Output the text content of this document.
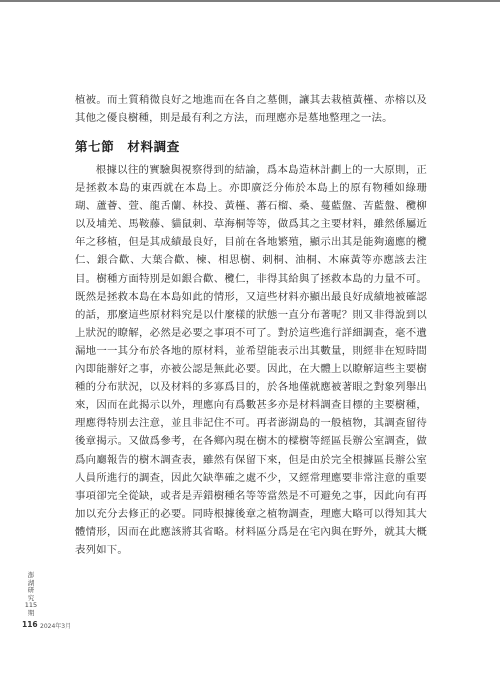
植被。而土質稍微良好之地進而在各自之墓側，讓其去栽植黃槿、赤榕以及其他之優良樹種，則是最有利之方法，而理應亦是墓地整理之一法。

第七節　材料調查

根據以往的實驗與視察得到的結論，爲本島造林計劃上的一大原則，正是拯救本島的東西就在本島上。亦即廣泛分佈於本島上的原有物種如綠珊瑚、蘆薈、萱、龍舌蘭、林投、黃槿、蕃石榴、桑、蔓藍盤、苦藍盤、欖柳以及埔羌、馬鞍藤、貓鼠刺、草海桐等等，做爲其之主要材料，雖然係屬近年之移植，但是其成績最良好，目前在各地繁殖，顯示出其是能夠適應的欖仁、銀合歡、大葉合歡、楝、相思樹、刺桐、油桐、木麻黃等亦應該去注目。樹種方面特別是如銀合歡、欖仁，非得其給與了拯救本島的力量不可。既然是拯救本島在本島如此的情形，又這些材料亦顯出最良好成績地被確認的話，那麼這些原材料究是以什麼樣的狀態一直分布著呢？則又非得說到以上狀況的瞭解，必然是必要之事項不可了。對於這些進行詳細調查，毫不遺漏地一一其分布於各地的原材料，並希望能表示出其數量，則經非在短時間內即能辦好之事，亦被公認是無此必要。因此，在大體上以瞭解這些主要樹種的分布狀況，以及材料的多寡爲目的，於各地僅就應被著眼之對象列舉出來，因而在此揭示以外，理應向有爲數甚多亦是材料調查目標的主要樹種，理應得特別去注意，並且非記住不可。再者澎湖島的一般植物，其調查留待後章揭示。又做爲參考，在各鄉內現在樹木的樑樹等經區長辦公室調查，做爲向廳報告的樹木調查表，雖然有保留下來，但是由於完全根據區長辦公室人員所進行的調查，因此欠缺準確之處不少，又經常理應要非常注意的重要事項卻完全從缺，或者是弄錯樹種名等等當然是不可避免之事，因此向有再加以充分去修正的必要。同時根據後章之植物調查，理應大略可以得知其大體情形，因而在此應該將其省略。材料區分爲是在宅內與在野外，就其大概表列如下。

澎
湖
研
究
115
期
116 2024年3月
